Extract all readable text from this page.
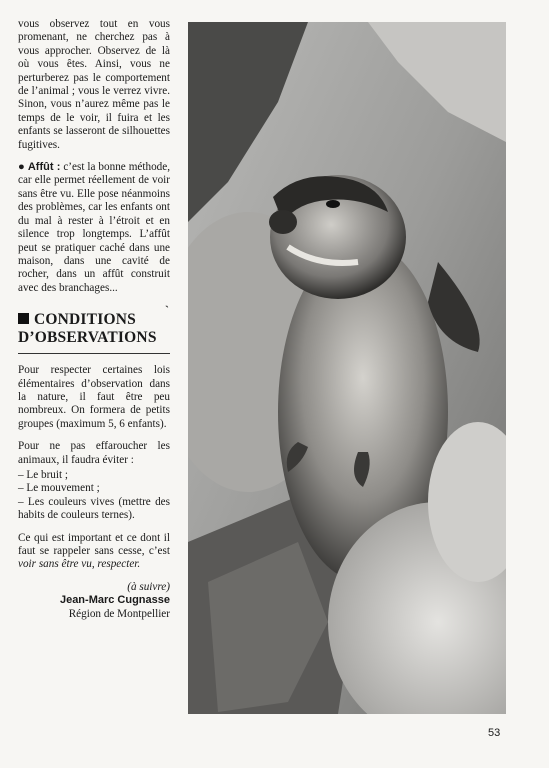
vous observez tout en vous promenant, ne cherchez pas à vous approcher. Observez de là où vous êtes. Ainsi, vous ne perturberez pas le comportement de l’animal ; vous le verrez vivre. Sinon, vous n’aurez même pas le temps de le voir, il fuira et les enfants se lasseront de silhouettes fugitives.

● Affût : c’est la bonne méthode, car elle permet réellement de voir sans être vu. Elle pose néanmoins des problèmes, car les enfants ont du mal à rester à l’étroit et en silence trop longtemps. L’affût peut se pratiquer caché dans une maison, dans une cavité de rocher, dans un affût construit avec des branchages...

`
CONDITIONS
D’OBSERVATIONS

Pour respecter certaines lois élémentaires d’observation dans la nature, il faut être peu nombreux. On formera de petits groupes (maximum 5, 6 enfants).

Pour ne pas effaroucher les animaux, il faudra éviter :

– Le bruit ;
– Le mouvement ;
– Les couleurs vives (mettre des habits de couleurs ternes).

Ce qui est important et ce dont il faut se rappeler sans cesse, c’est voir sans être vu, respecter.

(à suivre)
Jean-Marc Cugnasse
Région de Montpellier
53
